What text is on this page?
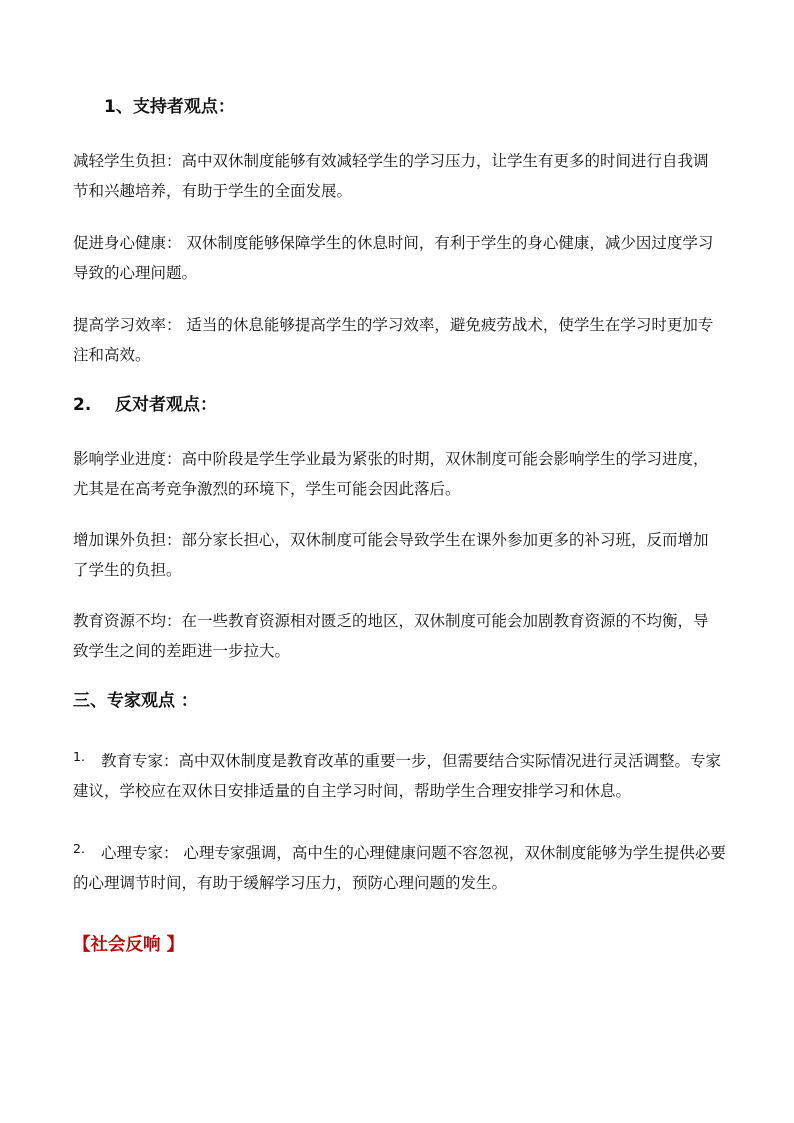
1、支持者观点：

减轻学生负担：高中双休制度能够有效减轻学生的学习压力，让学生有更多的时间进行自我调节和兴趣培养，有助于学生的全面发展。

促进身心健康： 双休制度能够保障学生的休息时间，有利于学生的身心健康，减少因过度学习导致的心理问题。

提高学习效率： 适当的休息能够提高学生的学习效率，避免疲劳战术，使学生在学习时更加专注和高效。

2.    反对者观点：

影响学业进度：高中阶段是学生学业最为紧张的时期，双休制度可能会影响学生的学习进度，尤其是在高考竞争激烈的环境下，学生可能会因此落后。

增加课外负担：部分家长担心，双休制度可能会导致学生在课外参加更多的补习班，反而增加了学生的负担。

教育资源不均：在一些教育资源相对匮乏的地区，双休制度可能会加剧教育资源的不均衡，导致学生之间的差距进一步拉大。

三、专家观点 ：
1. 教育专家：高中双休制度是教育改革的重要一步，但需要结合实际情况进行灵活调整。专家建议，学校应在双休日安排适量的自主学习时间，帮助学生合理安排学习和休息。
2. 心理专家： 心理专家强调，高中生的心理健康问题不容忽视，双休制度能够为学生提供必要的心理调节时间，有助于缓解学习压力，预防心理问题的发生。
【社会反响 】
